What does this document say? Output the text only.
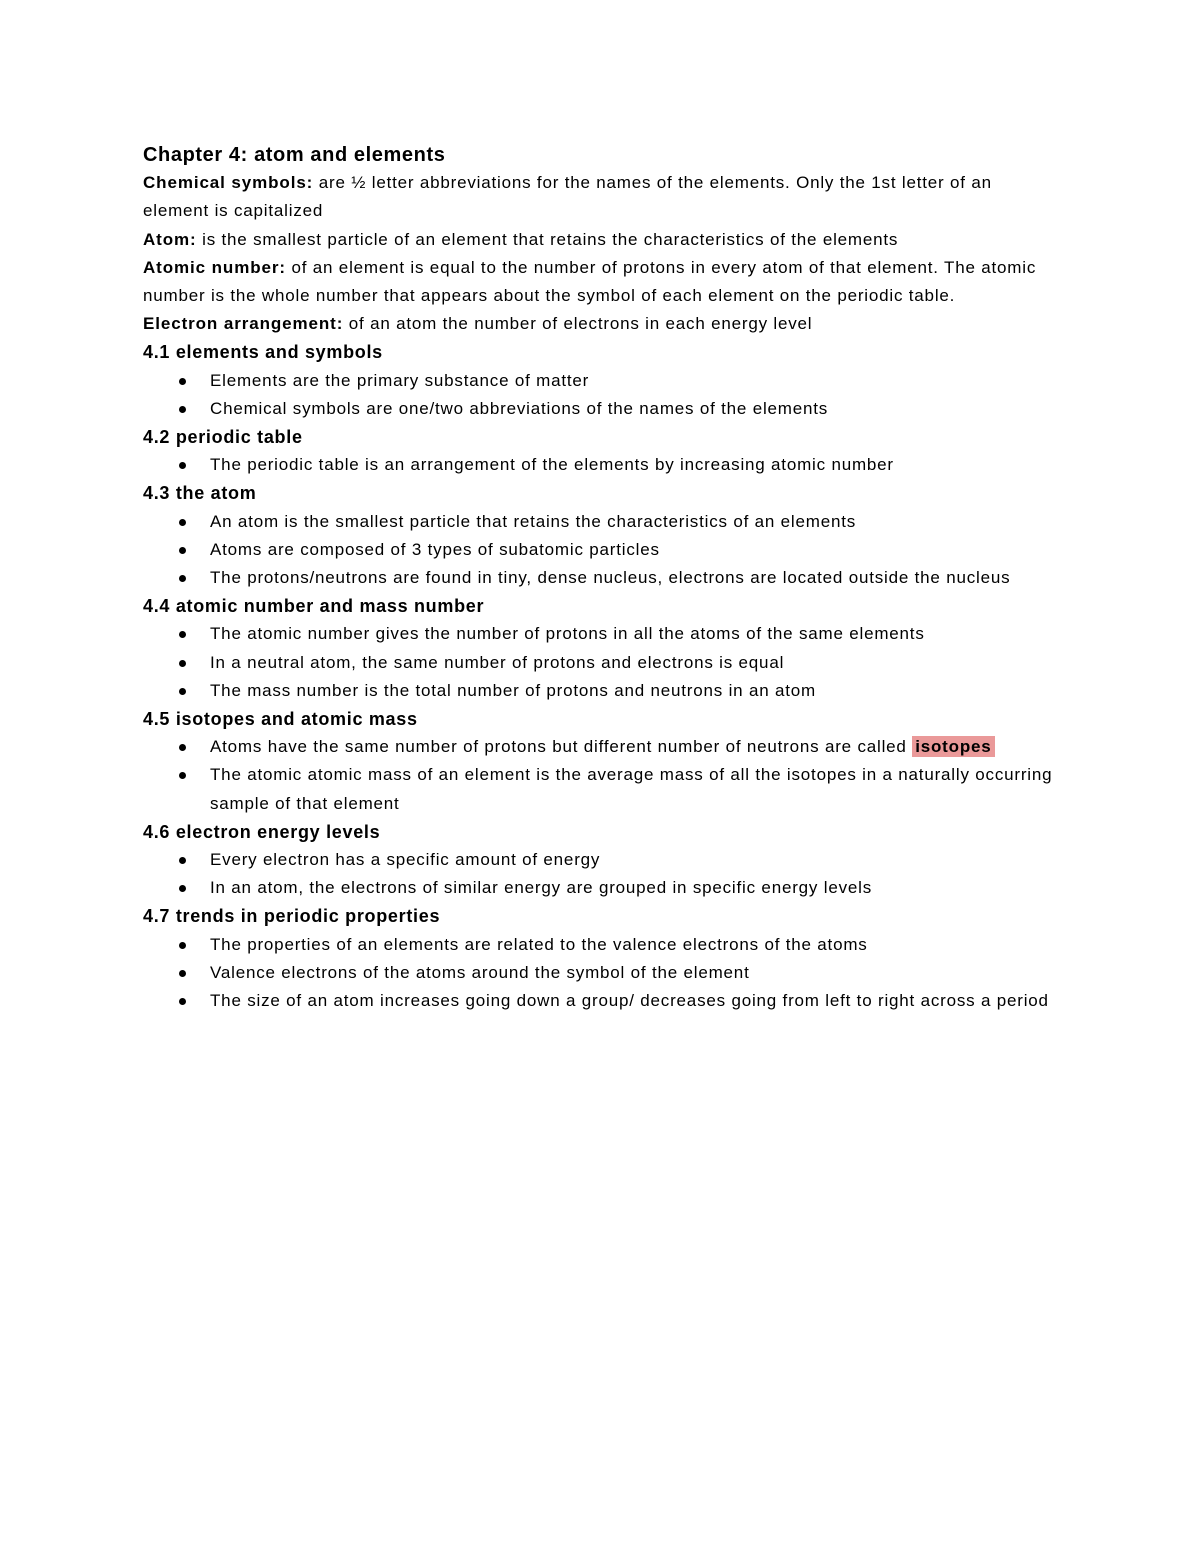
Chapter 4: atom and elements

Chemical symbols: are ½ letter abbreviations for the names of the elements. Only the 1st letter of an element is capitalized

Atom: is the smallest particle of an element that retains the characteristics of the elements

Atomic number: of an element is equal to the number of protons in every atom of that element. The atomic number is the whole number that appears about the symbol of each element on the periodic table.

Electron arrangement: of an atom the number of electrons in each energy level

4.1 elements and symbols

Elements are the primary substance of matter
Chemical symbols are one/two abbreviations of the names of the elements

4.2 periodic table

The periodic table is an arrangement of the elements by increasing atomic number

4.3 the atom

An atom is the smallest particle that retains the characteristics of an elements
Atoms are composed of 3 types of subatomic particles
The protons/neutrons are found in tiny, dense nucleus, electrons are located outside the nucleus

4.4 atomic number and mass number

The atomic number gives the number of protons in all the atoms of the same elements
In a neutral atom, the same number of protons and electrons is equal
The mass number is the total number of protons and neutrons in an atom

4.5 isotopes and atomic mass

Atoms have the same number of protons but different number of neutrons are called isotopes
The atomic atomic mass of an element is the average mass of all the isotopes in a naturally occurring sample of that element

4.6 electron energy levels

Every electron has a specific amount of energy
In an atom, the electrons of similar energy are grouped in specific energy levels

4.7 trends in periodic properties

The properties of an elements are related to the valence electrons of the atoms
Valence electrons of the atoms around the symbol of the element
The size of an atom increases going down a group/ decreases going from left to right across a period
